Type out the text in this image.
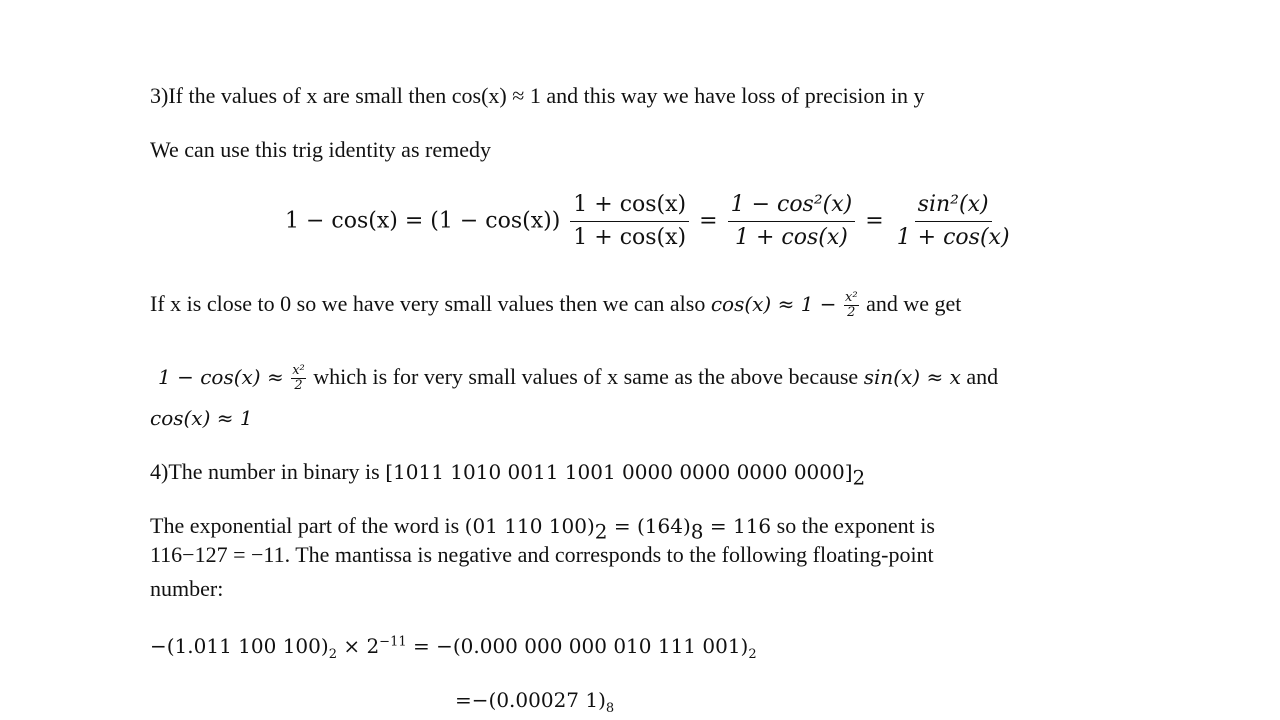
3)If the values of x are small then cos(x) ≈ 1 and this way we have loss of precision in y
We can use this trig identity as remedy
$1 - \cos(x) = (1 - \cos(x)) \frac{1 + \cos(x)}{1 + \cos(x)} = \frac{\text{1 − cos²(x)}}{1 + \cos(x)} = \frac{\text{sin²(x)}}{1 + \cos(x)}$
If x is close to 0 so we have very small values then we can also $\cos(x) \approx 1 - \frac{\text{x²}}{2}$ and we get
$1 - \cos(x) \approx \frac{\text{x²}}{2}$ which is for very small values of x same as the above because sin(x) ≈ x and
cos(x) ≈ 1
4)The number in binary is [1011 1010 0011 1001 0000 0000 0000 $0000]_2$
The exponential part of the word is (01 110 $100)_2 = (164)_8 = 116$ so the exponent is
116−127 = −11. The mantissa is negative and corresponds to the following floating-point
number:
−(1.011 100 $100)_2 \times 2^{-11} = -(0.000$ 000 000 010 111 $001)_2$
=−(0.00027 $1)_8$
